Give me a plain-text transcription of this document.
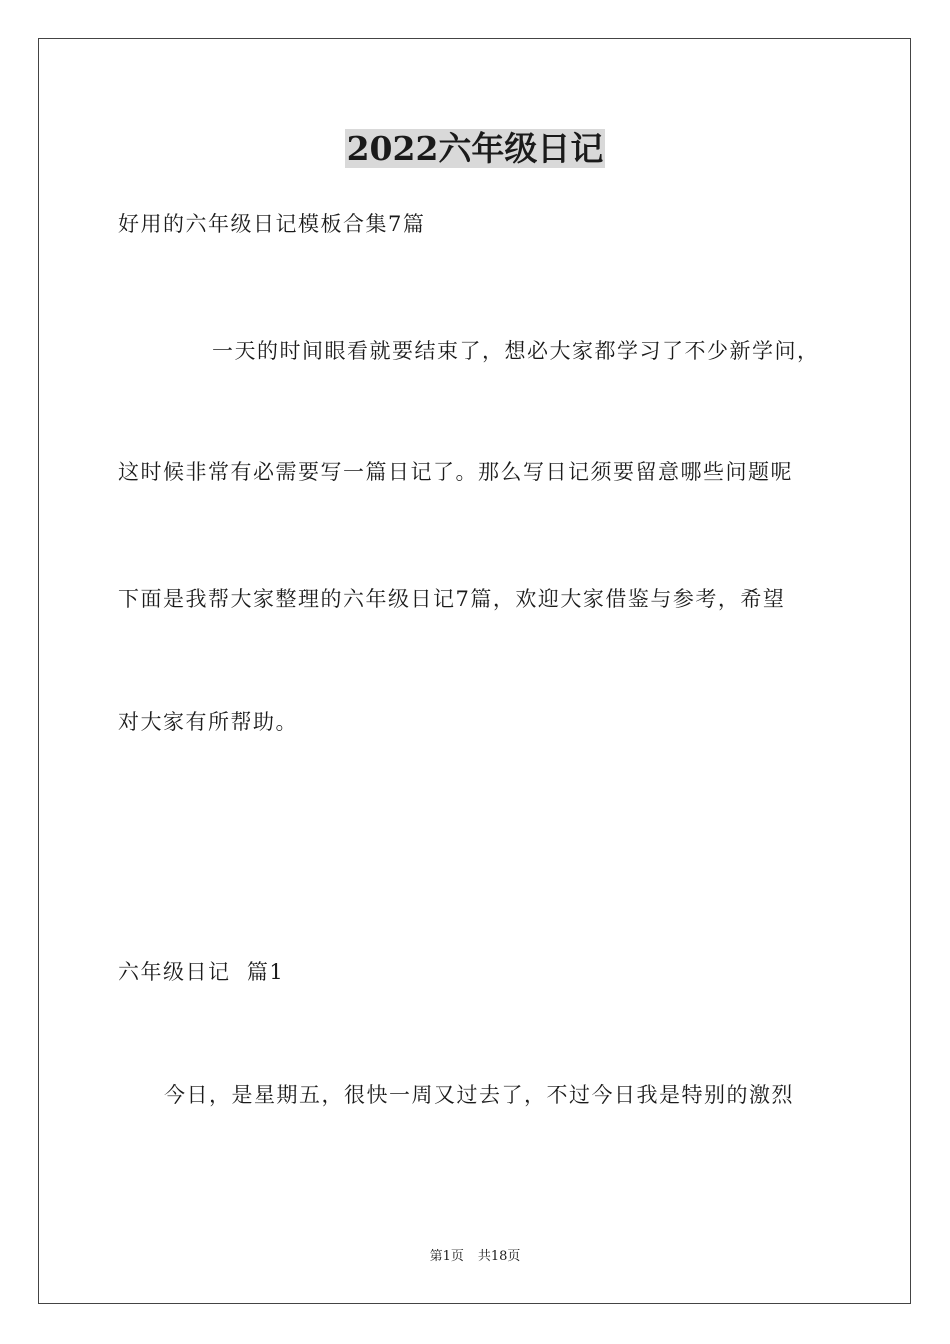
2022六年级日记

好用的六年级日记模板合集7篇

一天的时间眼看就要结束了，想必大家都学习了不少新学问，

这时候非常有必需要写一篇日记了。那么写日记须要留意哪些问题呢

下面是我帮大家整理的六年级日记7篇，欢迎大家借鉴与参考，希望

对大家有所帮助。

六年级日记  篇1

今日，是星期五，很快一周又过去了，不过今日我是特别的激烈

第1页 共18页
